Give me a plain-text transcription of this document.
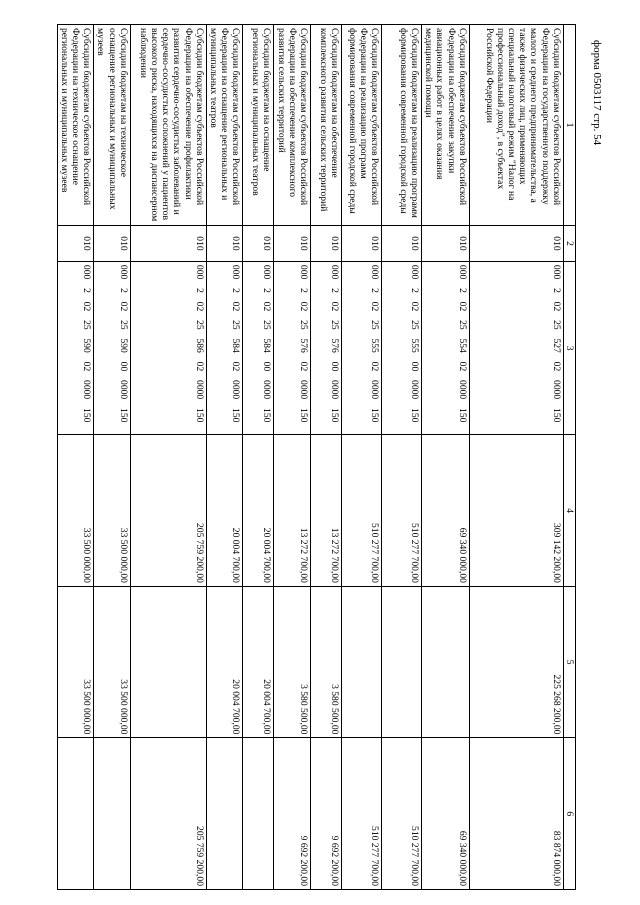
форма 0503117 стр. 54
1	2	3	4	5	6
Субсидии бюджетам субъектов Российской Федерации на государственную поддержку малого и среднего предпринимательства, а также физических лиц, применяющих специальный налоговый режим "Налог на профессиональный доход", в субъектах Российской Федерации	010	000  2  02  25  527  02  0000  150	309 142 200,00	225 268 200,00	83 874 000,00
Субсидии бюджетам субъектов Российской Федерации на обеспечение закупки авиационных работ в целях оказания медицинской помощи	010	000  2  02  25  554  02  0000  150	69 340 000,00		69 340 000,00
Субсидии бюджетам на реализацию программ формирования современной городской среды	010	000  2  02  25  555  00  0000  150	510 277 700,00		510 277 700,00
Субсидии бюджетам субъектов Российской Федерации на реализацию программ формирования современной городской среды	010	000  2  02  25  555  02  0000  150	510 277 700,00		510 277 700,00
Субсидии бюджетам на обеспечение комплексного развития сельских территорий	010	000  2  02  25  576  00  0000  150	13 272 700,00	3 580 500,00	9 692 200,00
Субсидии бюджетам субъектов Российской Федерации на обеспечение комплексного развития сельских территорий	010	000  2  02  25  576  02  0000  150	13 272 700,00	3 580 500,00	9 692 200,00
Субсидии бюджетам на оснащение региональных и муниципальных театров	010	000  2  02  25  584  00  0000  150	20 004 700,00	20 004 700,00	
Субсидии бюджетам субъектов Российской Федерации на оснащение региональных и муниципальных театров	010	000  2  02  25  584  02  0000  150	20 004 700,00	20 004 700,00	
Субсидии бюджетам субъектов Российской Федерации на обеспечение профилактики развития сердечно-сосудистых заболеваний и сердечно-сосудистых осложнений у пациентов высокого риска, находящихся на диспансерном наблюдении	010	000  2  02  25  586  02  0000  150	205 759 200,00		205 759 200,00
Субсидии бюджетам на техническое оснащение региональных и муниципальных музеев	010	000  2  02  25  590  00  0000  150	33 500 000,00	33 500 000,00	
Субсидии бюджетам субъектов Российской Федерации на техническое оснащение региональных и муниципальных музеев	010	000  2  02  25  590  02  0000  150	33 500 000,00	33 500 000,00	
